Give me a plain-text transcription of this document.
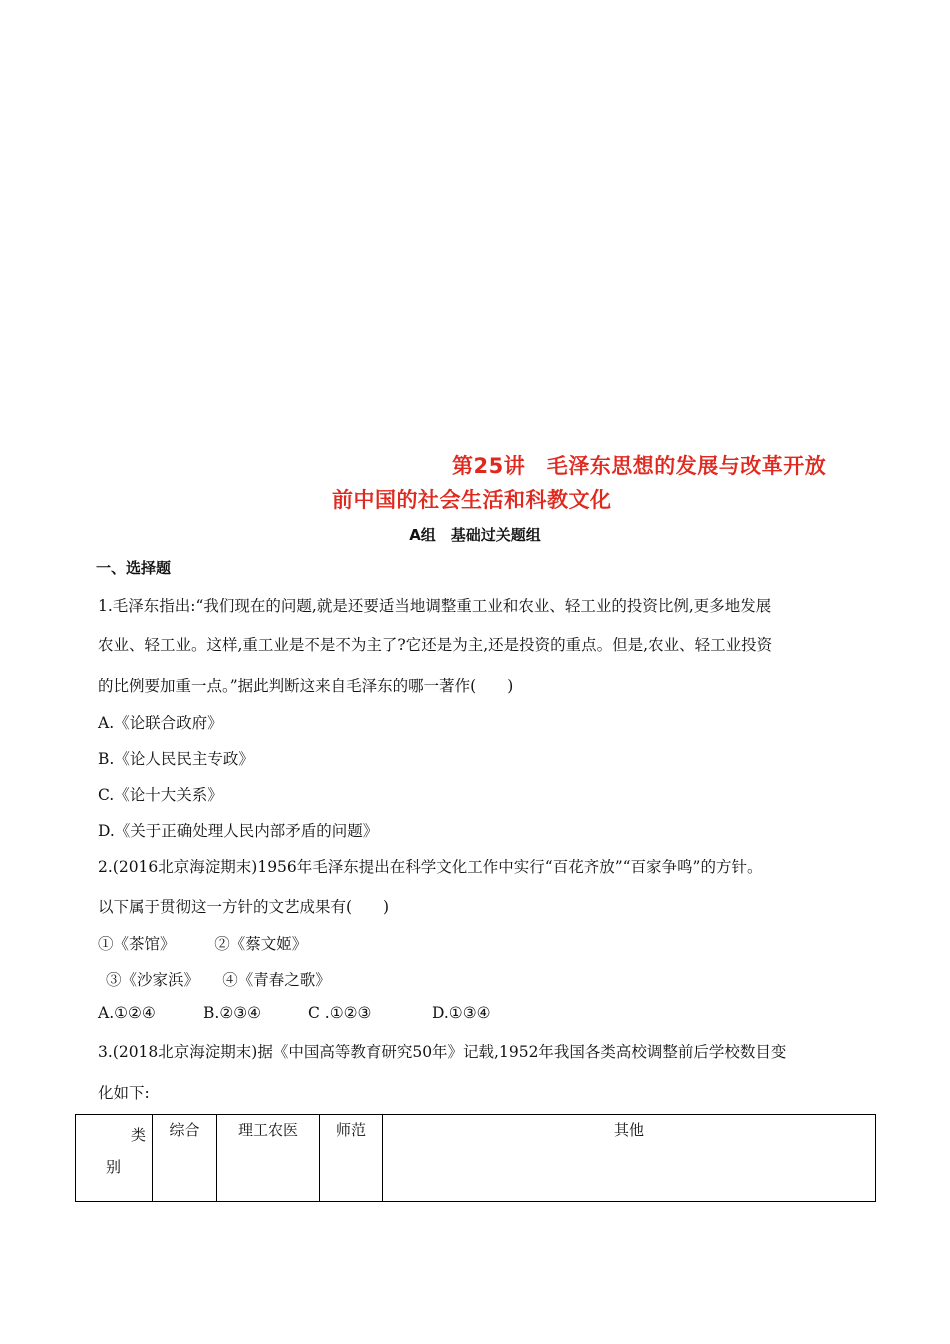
第25讲　毛泽东思想的发展与改革开放
前中国的社会生活和科教文化
A组　基础过关题组
一、选择题
1.毛泽东指出:“我们现在的问题,就是还要适当地调整重工业和农业、轻工业的投资比例,更多地发展
农业、轻工业。这样,重工业是不是不为主了?它还是为主,还是投资的重点。但是,农业、轻工业投资
的比例要加重一点。”据此判断这来自毛泽东的哪一著作(　　)
A.《论联合政府》
B.《论人民民主专政》
C.《论十大关系》
D.《关于正确处理人民内部矛盾的问题》
2.(2016北京海淀期末)1956年毛泽东提出在科学文化工作中实行“百花齐放”“百家争鸣”的方针。
以下属于贯彻这一方针的文艺成果有(　　)
①《茶馆》　　　②《蔡文姬》
③《沙家浜》　　④《青春之歌》
A.①②④	B.②③④	C .①②③	D.①③④
3.(2018北京海淀期末)据《中国高等教育研究50年》记载,1952年我国各类高校调整前后学校数目变
化如下:
类
别
	综合	理工农医	师范	其他
